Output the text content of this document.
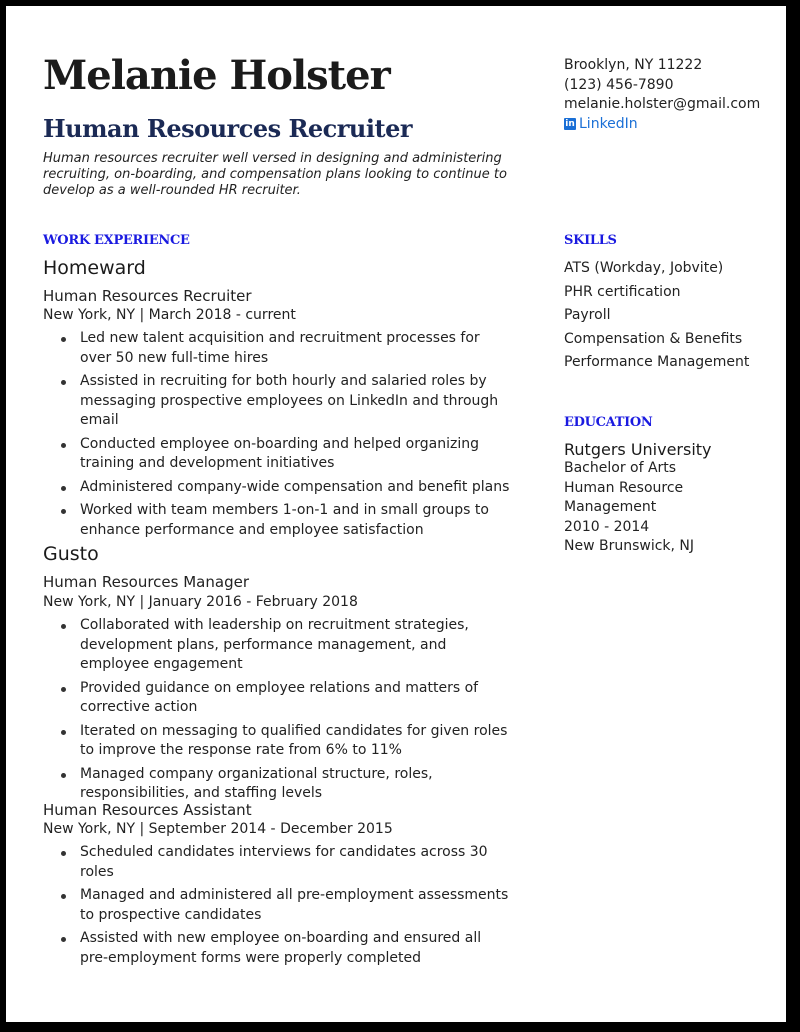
Melanie Holster
Human Resources Recruiter
Human resources recruiter well versed in designing and administering recruiting, on-boarding, and compensation plans looking to continue to develop as a well-rounded HR recruiter.
Brooklyn, NY 11222
(123) 456-7890
melanie.holster@gmail.com
in LinkedIn
WORK EXPERIENCE
Homeward
Human Resources Recruiter
New York, NY | March 2018 - current
Led new talent acquisition and recruitment processes for over 50 new full-time hires
Assisted in recruiting for both hourly and salaried roles by messaging prospective employees on LinkedIn and through email
Conducted employee on-boarding and helped organizing training and development initiatives
Administered company-wide compensation and benefit plans
Worked with team members 1-on-1 and in small groups to enhance performance and employee satisfaction
Gusto
Human Resources Manager
New York, NY | January 2016 - February 2018
Collaborated with leadership on recruitment strategies, development plans, performance management, and employee engagement
Provided guidance on employee relations and matters of corrective action
Iterated on messaging to qualified candidates for given roles to improve the response rate from 6% to 11%
Managed company organizational structure, roles, responsibilities, and staffing levels
Human Resources Assistant
New York, NY | September 2014 - December 2015
Scheduled candidates interviews for candidates across 30 roles
Managed and administered all pre-employment assessments to prospective candidates
Assisted with new employee on-boarding and ensured all pre-employment forms were properly completed
SKILLS
ATS (Workday, Jobvite)
PHR certification
Payroll
Compensation & Benefits
Performance Management
EDUCATION
Rutgers University
Bachelor of Arts
Human Resource
Management
2010 - 2014
New Brunswick, NJ
